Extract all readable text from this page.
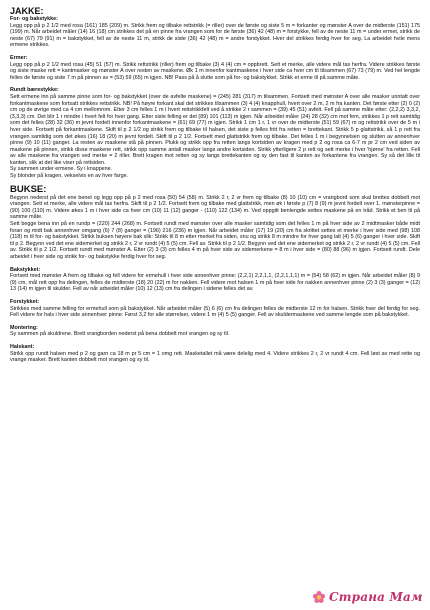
JAKKE:

For- og bakstykke:

Legg opp på p 2 1/2 med rosa (161) 185 (209) m. Strikk frem og tilbake rettstrikk (= riller) over de første og siste 5 m = forkanter og mønster A over de midterste (151) 175 (199) m. Når arbeidet måler (14) 16 (18) cm strikkes det på en pinne fra vrangen som for de første (36) 42 (48) m = forstykke, fell av de neste 11 m = under ermet, strikk de neste (67) 79 (91) m = bakstykket, fell av de neste 11 m, strikk de siste (36) 42 (48) m = andre forstykket. Hver del strikkes ferdig hver for seg. La arbeidet hvile mens ermene strikkes.

Ermer:

Legg opp på p 2 1/2 med rosa (45) 51 (57) m. Strikk rettstrikk (riller) frem og tilbake (3) 4 (4) cm = oppbrett. Sett et merke, alle videre mål tas herfra. Videre strikkes første og siste maske rett = kantmasker og mønster A over resten av maskene. Øk 1 m innenfor kantmaskene i hver side ca hver cm til tilsammen (67) 73 (79) m. Ved hel lengde felles de første og siste 7 m på pinnen av = (53) 59 (65) m igjen. NB! Pass på å slutte som på for- og bakstykket. Strikk et erme til på samme måte.

Rundt bærestykke:

Sett ermene inn på samme pinne som for- og bakstykket (over de avfelte maskene) = (245) 281 (317) m tilsammen. Fortsett med mønster A over alle masker unntatt over forkantmaskene som fortsatt strikkes rettstrikk. NB! På høyre forkant skal det strikkes tilsammen (3) 4 (4) knapphull, hvert over 2 m, 2 m fra kanten. Det første etter (2) 0 (2) cm og de øvrige med ca 4 cm mellomrom. Etter 3 cm felles 1 m i hvert rettstrikkfelt ved å strikke 2 r sammen = (39) 45 (51) avfelt. Fell på samme måte etter: (2,2,2) 3,3,2, (3,3,3) cm. Det blir 1 r mindre i hvert felt for hver gang. Etter siste felling er det (89) 101 (113) m igjen. Når arbeidet måler (24) 28 (32) cm mot fem, strikkes 1 p rett samtidig som det felles (28) 32 (36) m jevnt fordelt innenfor forkantmaskene = (61) 69 (77) m igjen. Strikk 1 cm 1 r, 1 vr over de midterste (51) 59 (67) m og rettstrikk over de 5 m i hver side. Fortsett på forkantmaskene. Skift til p 2 1/2 og strikk frem og tilbake til halsen, det siste p felles fritt fra retten = brettekant. Strikk 5 p glattstrikk, så 1 p rett fra vrangen samtidig som det økes (16) 18 (20) m jevnt fordelt. Skift til p 2 1/2. Fortsett med glattstrikk frem og tilbake. Det felles 1 m i begynnelsen og slutten av annenhver pinne (9) 10 (11) ganger. La resten av maskene stå på pinnen. Plukk og strikk opp fra retten langs kortsiden av kragen med p 2 og rosa ca 6-7 m pr 2 cm ved siden av maskene på pinnen, strikk disse maskene rett, strikk opp samme antall masker langs andre kortsiden. Strikk ytterligere 2 p rett og sett merke i hver 'hjørne' fra retten. Fell av alle maskene fra vrangen ved merke = 2 riller. Brett kragen mot retten og sy langs brettekanten og sy den fast til kanten av forkantene fra vrangen. Sy så det lille til kanten, slik at det like viser på rettsiden.

Sy sammen under ermene. Sy i knappene.

Sy blonder på kragen, vekselvis en av hver farge.

BUKSE:

Begynn nederst på det ene benet og legg opp på p 2 med rosa (50) 54 (58) m. Strikk 2 r, 2 vr frem og tilbake (8) 10 (10) cm = vrangbord som skal brettes dobbelt mot vrangen. Sett et merke, alle videre mål tas herfra. Skift til p 2 1/2. Fortsett frem og tilbake med glattstrikk, men øk i første p (7) 8 (9) m jevnt fordelt over 1. mønsterpinne = (90) 100 (110) m. Videre økes 1 m i hver side ca hver cm (10) 11 (12) ganger - (110) 122 (134) m. Ved oppgitt benlengde settes maskene på en tråd. Strikk et ben til på samme måte.
Sett begge bena inn på en rundp = (220) 244 (268) m. Fortsett rundt med mønster over alle masker samtidig som det felles 1 m på hver side av 2 midtmasker både midt foran og midt bak annenhver omgang (6) 7 (8) ganger = (196) 216 (236) m igjen. Når arbeidet måler (17) 19 (20) cm fra skrittet settes et merke i hver side med (98) 108 (118) m til for- og bakstykket. Strikk buksen høyere bak slik: Strikk til 8 m etter merket fra siden, snu og strikk 8 m mindre for hver gang lalt (4) 5 (6) ganger i hver side. Skift til p 2. Begynn ved det ene sidemerket og strikk 2 r, 2 vr rundt (4) 5 (5) cm. Fell av. Strikk til p 2 1/2. Begynn ved det ene sidemerket og strikk 2 r, 2 vr rundt (4) 5 (5) cm. Fell av. Strikk til p 2 1/2. Fortsett rundt med mønster A. Etter (2) 3 (3) cm felles 4 m på hver side av sidemerkene = 8 m i hver side = (80) 88 (96) m igjen. Fortsett rundt. Dele arbeidet i hver side og strikk for- og bakstykke ferdig hver for seg.

Bakstykket:

Fortsett med mønster A frem og tilbake og fell videre for ermehull i hver side annenhver pinne: (2,2,1) 2,2,1,1, (2,2,1,1,1) m = (54) 58 (62) m igjen. Når arbeidet måler (8) 9 (9) cm, mål rett opp fra delingen, felles de midterste (18) 20 (22) m for nakken. Fell videre mot halsen 1 m på hver side for nakken annenhver pinne (2) 3 (3) ganger = (12) 13 (14) m igjen til skulder. Fell av når arbeidet måler (10) 12 (13) cm fra delingen i sidene felles det av.

Forstykket:

Strikkes med samme felling for ermehull som på bakstykket. Når arbeidet måler (5) 6 (6) cm fra delingen felles de midterste 12 m for halsen. Strikk hver del ferdig for seg. Fell videre for hals i hver side annenhver pinne: Først 3,2 for alle størrelser, videre 1 m (4) 5 (5) ganger. Fell av skuldermaskene ved samme lengde som på bakstykket.

Montering:

Sy sammen på skuldrene. Brett vrangborden nederst på bena dobbelt mot vrangen og sy til.

Halskant:

Strikk opp rundt halsen med p 2 og garn ca 18 m pr 5 cm = 1 omg rett. Masketallet må være delelig med 4. Videre strikkes 2 r, 2 vr rundt 4 cm. Fell løst av med rette og vrange masker. Brett kanten dobbelt mot vrangen og sy til.

Страна Мам
